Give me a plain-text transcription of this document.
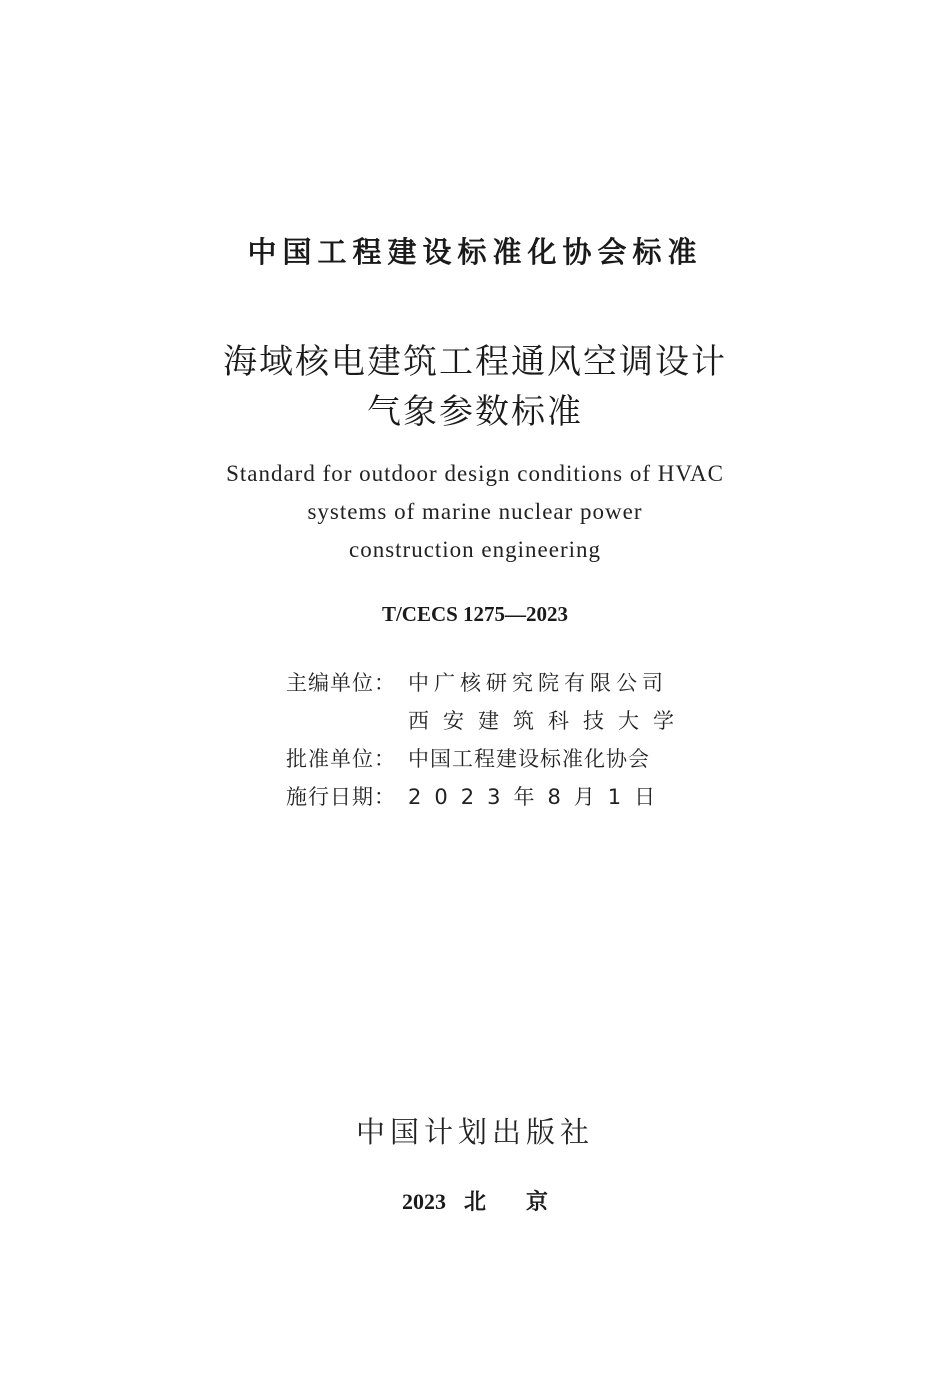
中国工程建设标准化协会标准
海域核电建筑工程通风空调设计
气象参数标准
Standard for outdoor design conditions of HVAC
systems of marine nuclear power
construction engineering
T/CECS 1275—2023
主编单位： 中广核研究院有限公司
西安建筑科技大学
批准单位： 中国工程建设标准化协会
施行日期： 2023年8月1日
中国计划出版社
2023 北京
